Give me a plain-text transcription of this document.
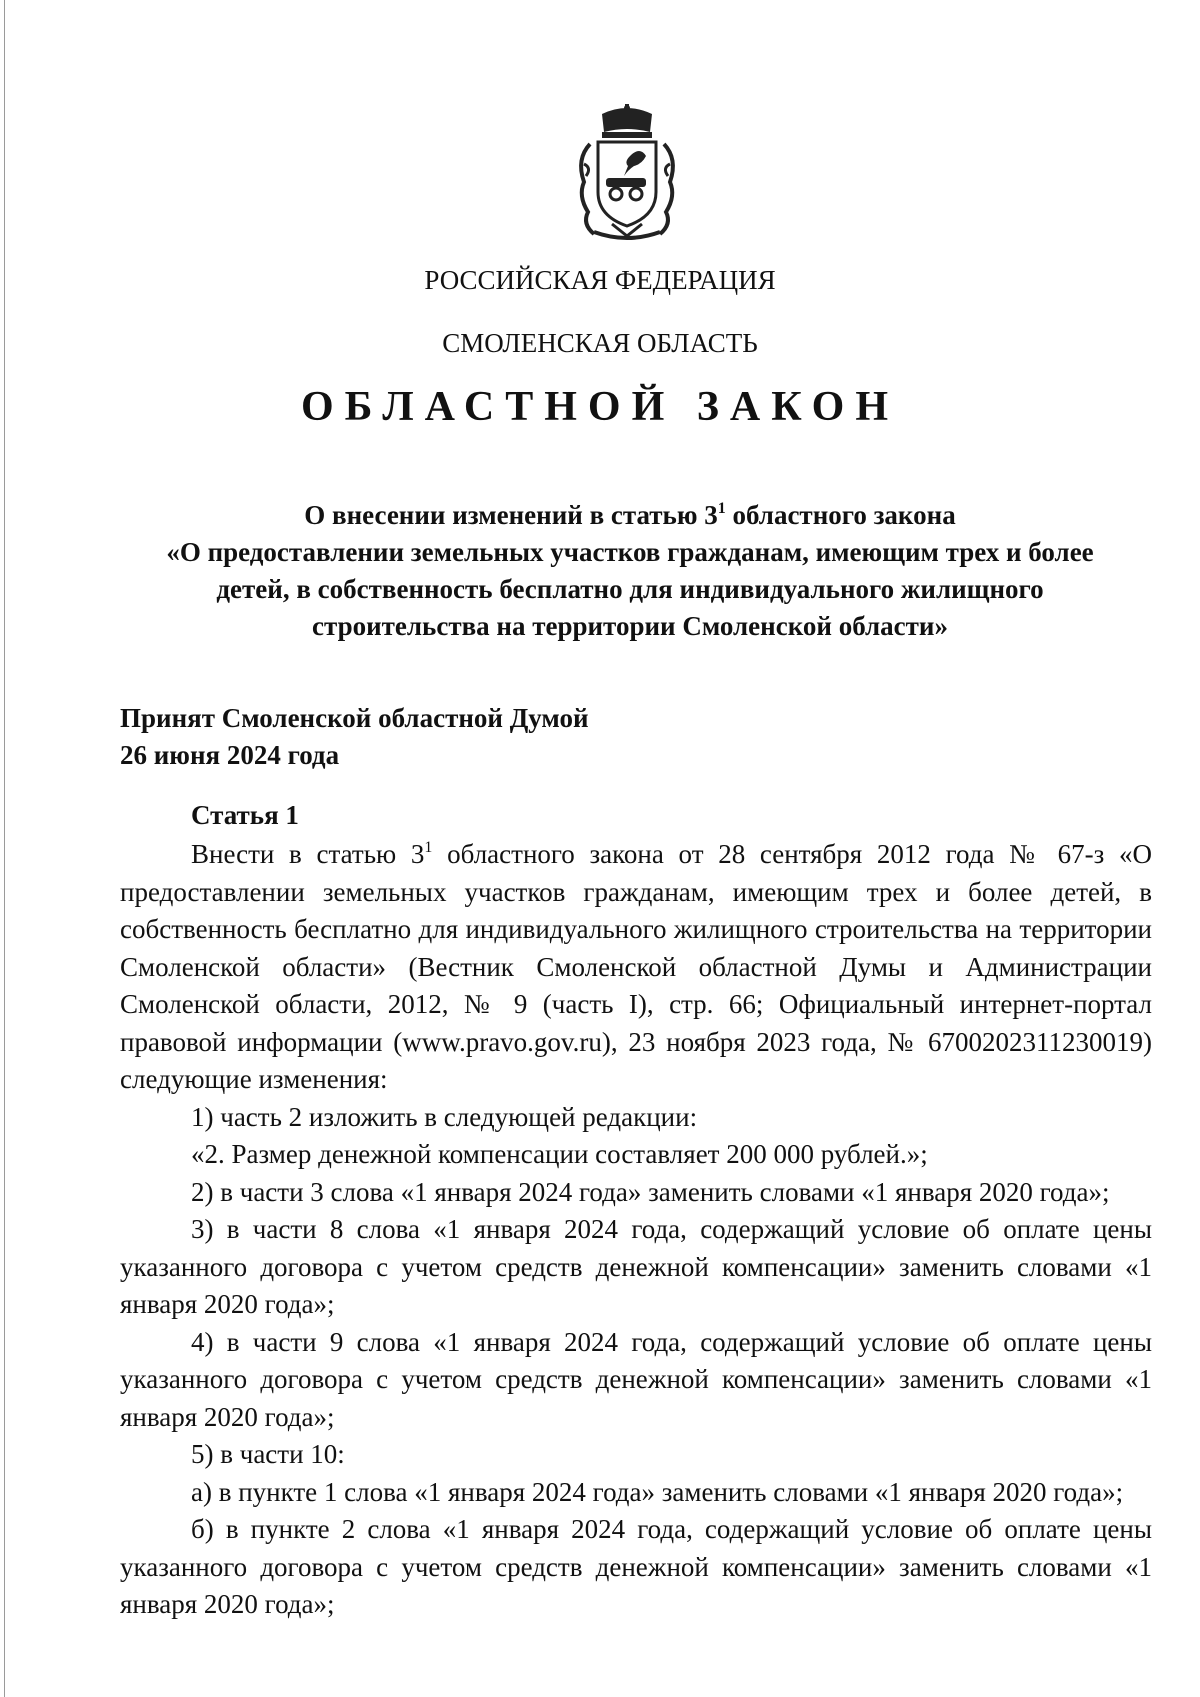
РОССИЙСКАЯ ФЕДЕРАЦИЯ
СМОЛЕНСКАЯ ОБЛАСТЬ
ОБЛАСТНОЙ ЗАКОН
О внесении изменений в статью $3^1$ областного закона
«О предоставлении земельных участков гражданам, имеющим трех и более
детей, в собственность бесплатно для индивидуального жилищного
строительства на территории Смоленской области»
Принят Смоленской областной Думой
26 июня 2024 года
Статья 1

Внести в статью $3^1$ областного закона от 28 сентября 2012 года № 67-з «О предоставлении земельных участков гражданам, имеющим трех и более детей, в собственность бесплатно для индивидуального жилищного строительства на территории Смоленской области» (Вестник Смоленской областной Думы и Администрации Смоленской области, 2012, № 9 (часть I), стр. 66; Официальный интернет-портал правовой информации (www.pravo.gov.ru), 23 ноября 2023 года, № 6700202311230019) следующие изменения:

1) часть 2 изложить в следующей редакции:

«2. Размер денежной компенсации составляет 200 000 рублей.»;

2) в части 3 слова «1 января 2024 года» заменить словами «1 января 2020 года»;

3) в части 8 слова «1 января 2024 года, содержащий условие об оплате цены указанного договора с учетом средств денежной компенсации» заменить словами «1 января 2020 года»;

4) в части 9 слова «1 января 2024 года, содержащий условие об оплате цены указанного договора с учетом средств денежной компенсации» заменить словами «1 января 2020 года»;

5) в части 10:

а) в пункте 1 слова «1 января 2024 года» заменить словами «1 января 2020 года»;

б) в пункте 2 слова «1 января 2024 года, содержащий условие об оплате цены указанного договора с учетом средств денежной компенсации» заменить словами «1 января 2020 года»;
